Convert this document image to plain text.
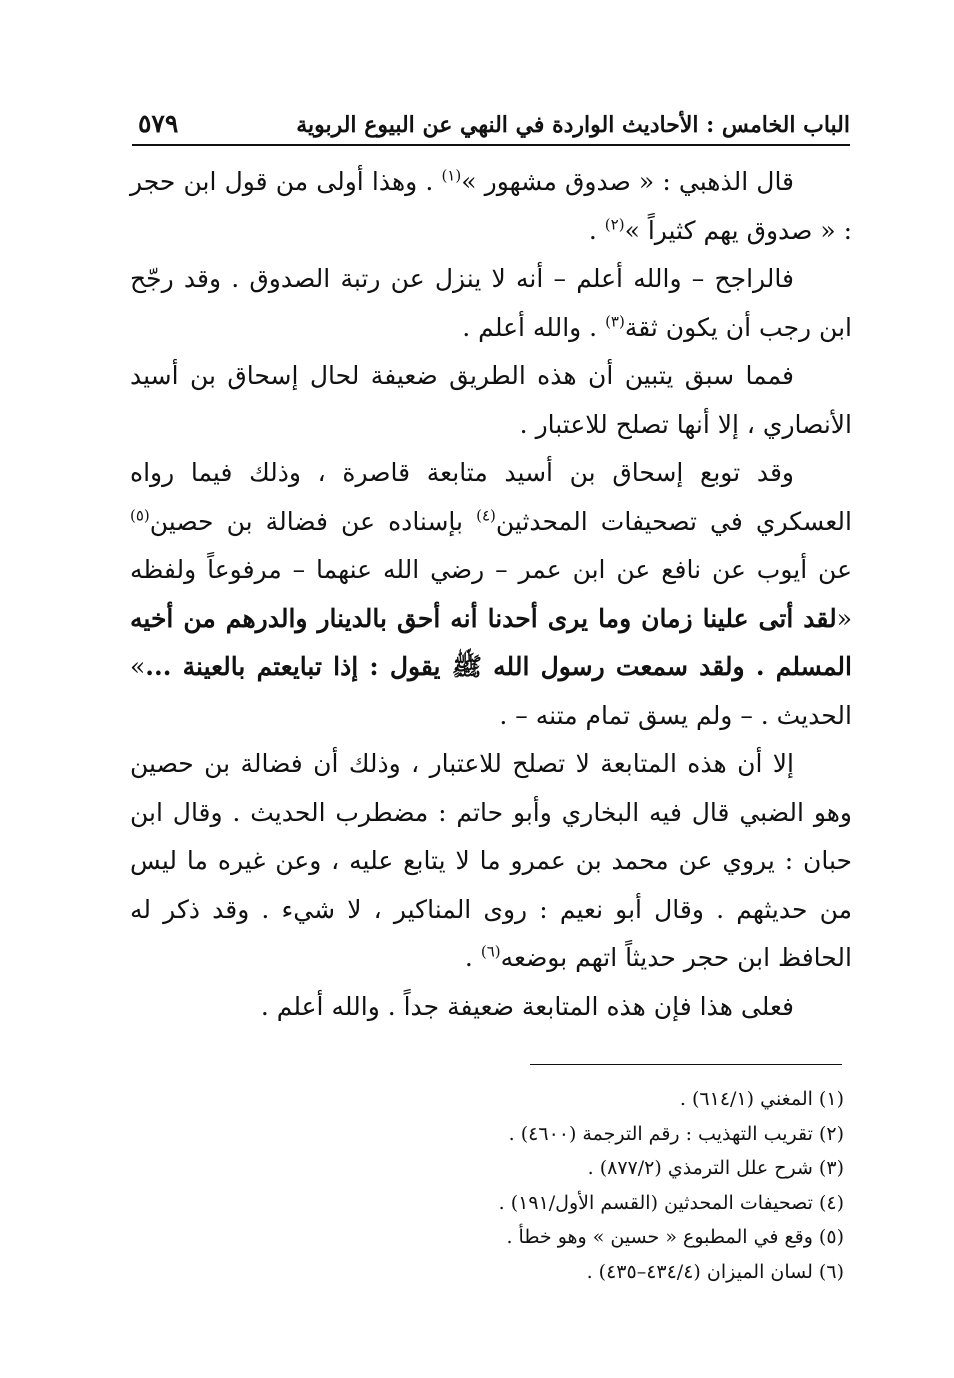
الباب الخامس : الأحاديث الواردة في النهي عن البيوع الربوية
٥٧٩

قال الذهبي : « صدوق مشهور »$^{(١)}$ . وهذا أولى من قول ابن حجر : « صدوق يهم كثيراً »$^{(٢)}$ .

فالراجح – والله أعلم – أنه لا ينزل عن رتبة الصدوق . وقد رجّح ابن رجب أن يكون ثقة$^{(٣)}$ . والله أعلم .

فمما سبق يتبين أن هذه الطريق ضعيفة لحال إسحاق بن أسيد الأنصاري ، إلا أنها تصلح للاعتبار .

وقد توبع إسحاق بن أسيد متابعة قاصرة ، وذلك فيما رواه العسكري في تصحيفات المحدثين$^{(٤)}$ بإسناده عن فضالة بن حصين$^{(٥)}$ عن أيوب عن نافع عن ابن عمر – رضي الله عنهما – مرفوعاً ولفظه «لقد أتى علينا زمان وما يرى أحدنا أنه أحق بالدينار والدرهم من أخيه المسلم . ولقد سمعت رسول الله ﷺ يقول : إذا تبايعتم بالعينة ...» الحديث . – ولم يسق تمام متنه – .

إلا أن هذه المتابعة لا تصلح للاعتبار ، وذلك أن فضالة بن حصين وهو الضبي قال فيه البخاري وأبو حاتم : مضطرب الحديث . وقال ابن حبان : يروي عن محمد بن عمرو ما لا يتابع عليه ، وعن غيره ما ليس من حديثهم . وقال أبو نعيم : روى المناكير ، لا شيء . وقد ذكر له الحافظ ابن حجر حديثاً اتهم بوضعه$^{(٦)}$ .

فعلى هذا فإن هذه المتابعة ضعيفة جداً . والله أعلم .

(١) المغني (٦١٤/١) .
(٢) تقريب التهذيب : رقم الترجمة (٤٦٠٠) .
(٣) شرح علل الترمذي (٨٧٧/٢) .
(٤) تصحيفات المحدثين (القسم الأول/١٩١) .
(٥) وقع في المطبوع « حسين » وهو خطأ .
(٦) لسان الميزان (٤٣٤/٤–٤٣٥) .
